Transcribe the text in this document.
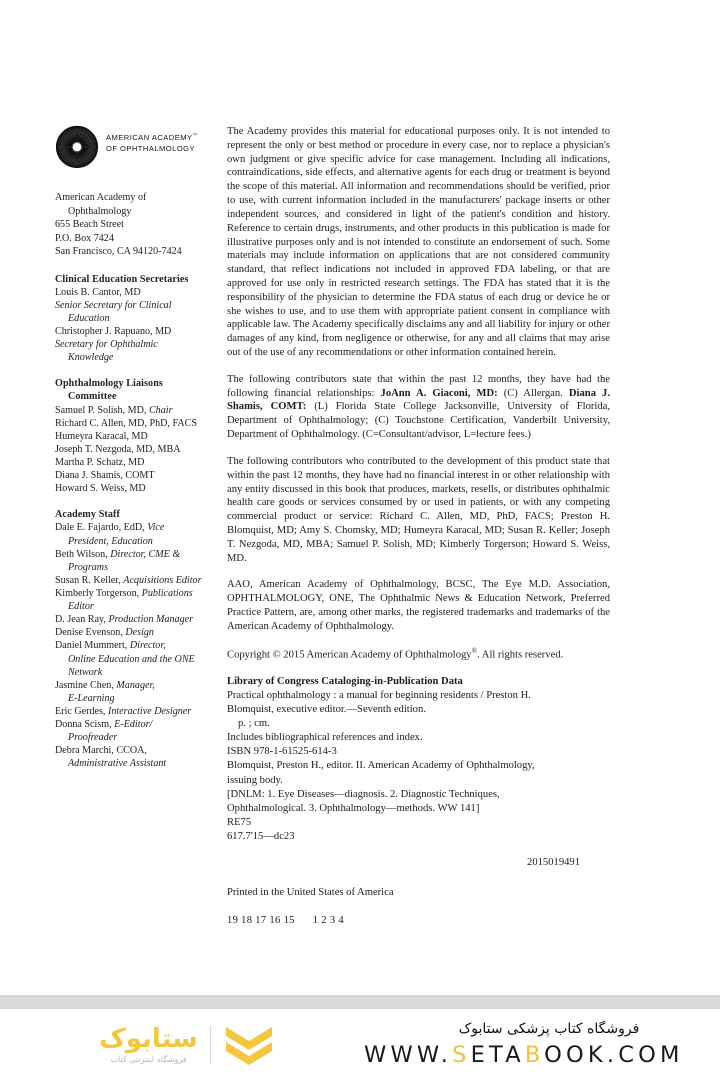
AMERICAN ACADEMY™
OF OPHTHALMOLOGY
American Academy of
Ophthalmology
655 Beach Street
P.O. Box 7424
San Francisco, CA 94120-7424
Clinical Education Secretaries
Louis B. Cantor, MD
Senior Secretary for Clinical
Education
Christopher J. Rapuano, MD
Secretary for Ophthalmic
Knowledge
Ophthalmology Liaisons
Committee
Samuel P. Solish, MD, Chair
Richard C. Allen, MD, PhD, FACS
Humeyra Karacal, MD
Joseph T. Nezgoda, MD, MBA
Martha P. Schatz, MD
Diana J. Shamis, COMT
Howard S. Weiss, MD
Academy Staff
Dale E. Fajardo, EdD, Vice
President, Education
Beth Wilson, Director, CME &
Programs
Susan R. Keller, Acquisitions Editor
Kimberly Torgerson, Publications
Editor
D. Jean Ray, Production Manager
Denise Evenson, Design
Daniel Mummert, Director,
Online Education and the ONE
Network
Jasmine Chen, Manager,
E-Learning
Eric Gerdes, Interactive Designer
Donna Scism, E-Editor/
Proofreader
Debra Marchi, CCOA,
Administrative Assistant

The Academy provides this material for educational purposes only. It is not intended to represent the only or best method or procedure in every case, nor to replace a physician's own judgment or give specific advice for case management. Including all indications, contraindications, side effects, and alternative agents for each drug or treatment is beyond the scope of this material. All information and recommendations should be verified, prior to use, with current information included in the manufacturers' package inserts or other independent sources, and considered in light of the patient's condition and history. Reference to certain drugs, instruments, and other products in this publication is made for illustrative purposes only and is not intended to constitute an endorsement of such. Some materials may include information on applications that are not considered community standard, that reflect indications not included in approved FDA labeling, or that are approved for use only in restricted research settings. The FDA has stated that it is the responsibility of the physician to determine the FDA status of each drug or device he or she wishes to use, and to use them with appropriate patient consent in compliance with applicable law. The Academy specifically disclaims any and all liability for injury or other damages of any kind, from negligence or otherwise, for any and all claims that may arise out of the use of any recommendations or other information contained herein.

The following contributors state that within the past 12 months, they have had the following financial relationships: JoAnn A. Giaconi, MD: (C) Allergan. Diana J. Shamis, COMT: (L) Florida State College Jacksonville, University of Florida, Department of Ophthalmology; (C) Touchstone Certification, Vanderbilt University, Department of Ophthalmology. (C=Consultant/advisor, L=lecture fees.)

The following contributors who contributed to the development of this product state that within the past 12 months, they have had no financial interest in or other relationship with any entity discussed in this book that produces, markets, resells, or distributes ophthalmic health care goods or services consumed by or used in patients, or with any competing commercial product or service: Richard C. Allen, MD, PhD, FACS; Preston H. Blomquist, MD; Amy S. Chomsky, MD; Humeyra Karacal, MD; Susan R. Keller; Joseph T. Nezgoda, MD, MBA; Samuel P. Solish, MD; Kimberly Torgerson; Howard S. Weiss, MD.

AAO, American Academy of Ophthalmology, BCSC, The Eye M.D. Association, OPHTHALMOLOGY, ONE, The Ophthalmic News & Education Network, Preferred Practice Pattern, are, among other marks, the registered trademarks and trademarks of the American Academy of Ophthalmology.

Copyright © 2015 American Academy of Ophthalmology®. All rights reserved.

Library of Congress Cataloging-in-Publication Data
Practical ophthalmology : a manual for beginning residents / Preston H.
Blomquist, executive editor.—Seventh edition.
p. ; cm.
Includes bibliographical references and index.
ISBN 978-1-61525-614-3
Blomquist, Preston H., editor. II. American Academy of Ophthalmology,
issuing body.
[DNLM: 1. Eye Diseases—diagnosis. 2. Diagnostic Techniques,
Ophthalmological. 3. Ophthalmology—methods. WW 141]
RE75
617.7'15—dc23
2015019491
Printed in the United States of America
19 18 17 16 15 1 2 3 4
ستابوک
فروشگاه اینترنتی کتاب
فروشگاه کتاب پزشکی ستابوک
WWW.SETABOOK.COM
